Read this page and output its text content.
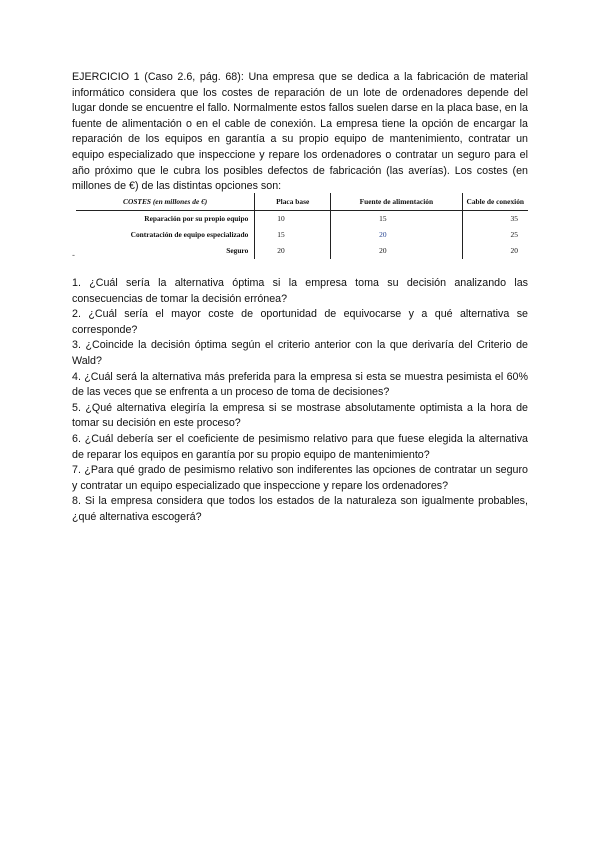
EJERCICIO 1 (Caso 2.6, pág. 68): Una empresa que se dedica a la fabricación de material informático considera que los costes de reparación de un lote de ordenadores depende del lugar donde se encuentre el fallo. Normalmente estos fallos suelen darse en la placa base, en la fuente de alimentación o en el cable de conexión. La empresa tiene la opción de encargar la reparación de los equipos en garantía a su propio equipo de mantenimiento, contratar un equipo especializado que inspeccione y repare los ordenadores o contratar un seguro para el año próximo que le cubra los posibles defectos de fabricación (las averías). Los costes (en millones de €) de las distintas opciones son:

COSTES (en millones de €)	Placa base	Fuente de alimentación	Cable de conexión
Reparación por su propio equipo	10	15	35
Contratación de equipo especializado	15	20	25
Seguro	20	20	20
-
1. ¿Cuál sería la alternativa óptima si la empresa toma su decisión analizando las consecuencias de tomar la decisión errónea?
2. ¿Cuál sería el mayor coste de oportunidad de equivocarse y a qué alternativa se corresponde?
3. ¿Coincide la decisión óptima según el criterio anterior con la que derivaría del Criterio de Wald?
4. ¿Cuál será la alternativa más preferida para la empresa si esta se muestra pesimista el 60% de las veces que se enfrenta a un proceso de toma de decisiones?
5. ¿Qué alternativa elegiría la empresa si se mostrase absolutamente optimista a la hora de tomar su decisión en este proceso?
6. ¿Cuál debería ser el coeficiente de pesimismo relativo para que fuese elegida la alternativa de reparar los equipos en garantía por su propio equipo de mantenimiento?
7. ¿Para qué grado de pesimismo relativo son indiferentes las opciones de contratar un seguro y contratar un equipo especializado que inspeccione y repare los ordenadores?
8. Si la empresa considera que todos los estados de la naturaleza son igualmente probables, ¿qué alternativa escogerá?
